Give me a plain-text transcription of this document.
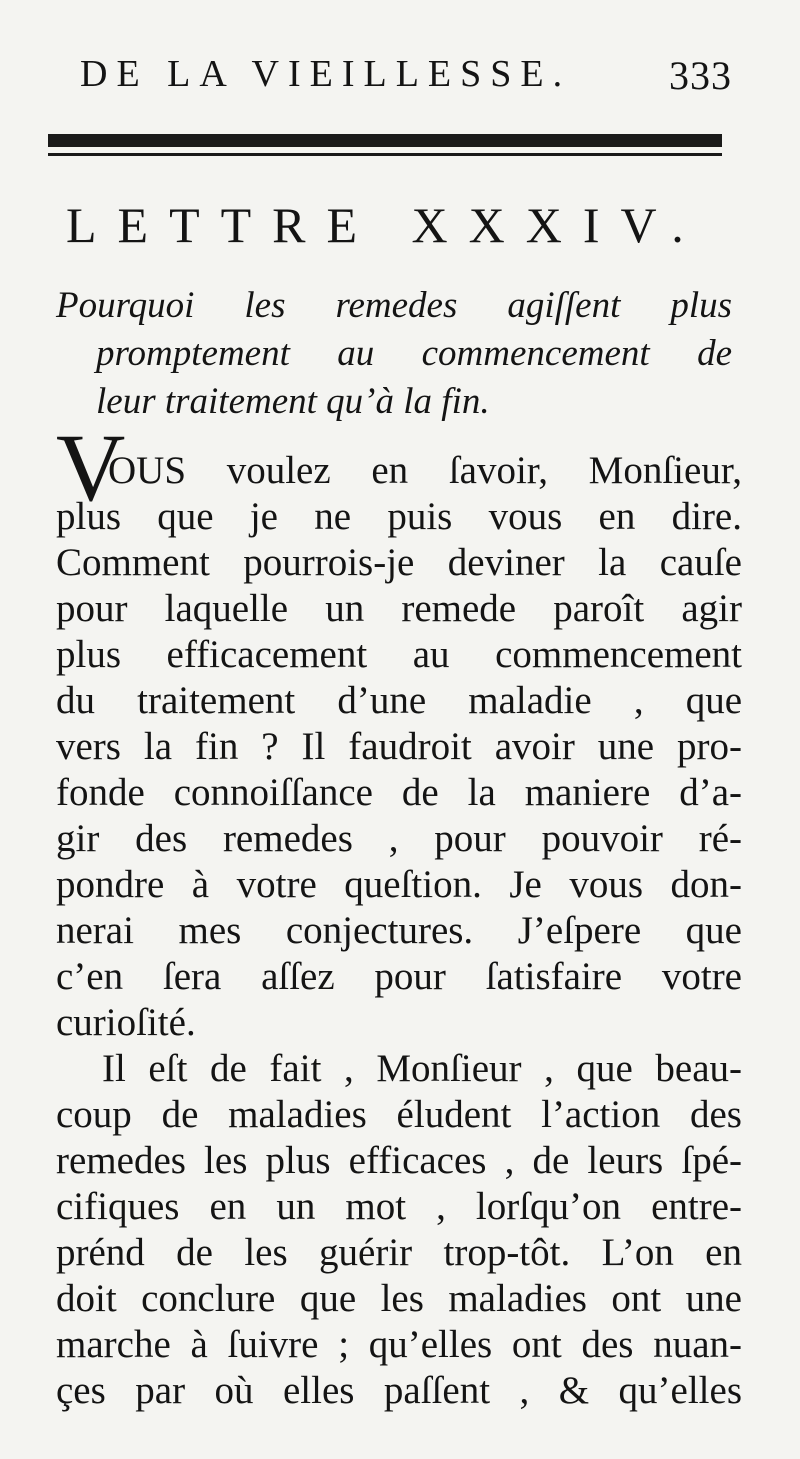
DE LA VIEILLESSE. 333
LETTRE XXXIV.
Pourquoi les remedes agiſſent plus
promptement au commencement de
leur traitement qu’à la fin.
V
OUS voulez en ſavoir, Monſieur,
plus que je ne puis vous en dire.
Comment pourrois-je deviner la cauſe
pour laquelle un remede paroît agir
plus efficacement au commencement
du traitement d’une maladie , que
vers la fin ? Il faudroit avoir une pro-
fonde connoiſſance de la maniere d’a-
gir des remedes , pour pouvoir ré-
pondre à votre queſtion. Je vous don-
nerai mes conjectures. J’eſpere que
c’en ſera aſſez pour ſatisfaire votre
curioſité.
Il eſt de fait , Monſieur , que beau-
coup de maladies éludent l’action des
remedes les plus efficaces , de leurs ſpé-
cifiques en un mot , lorſqu’on entre-
prénd de les guérir trop-tôt. L’on en
doit conclure que les maladies ont une
marche à ſuivre ; qu’elles ont des nuan-
çes par où elles paſſent , & qu’elles
